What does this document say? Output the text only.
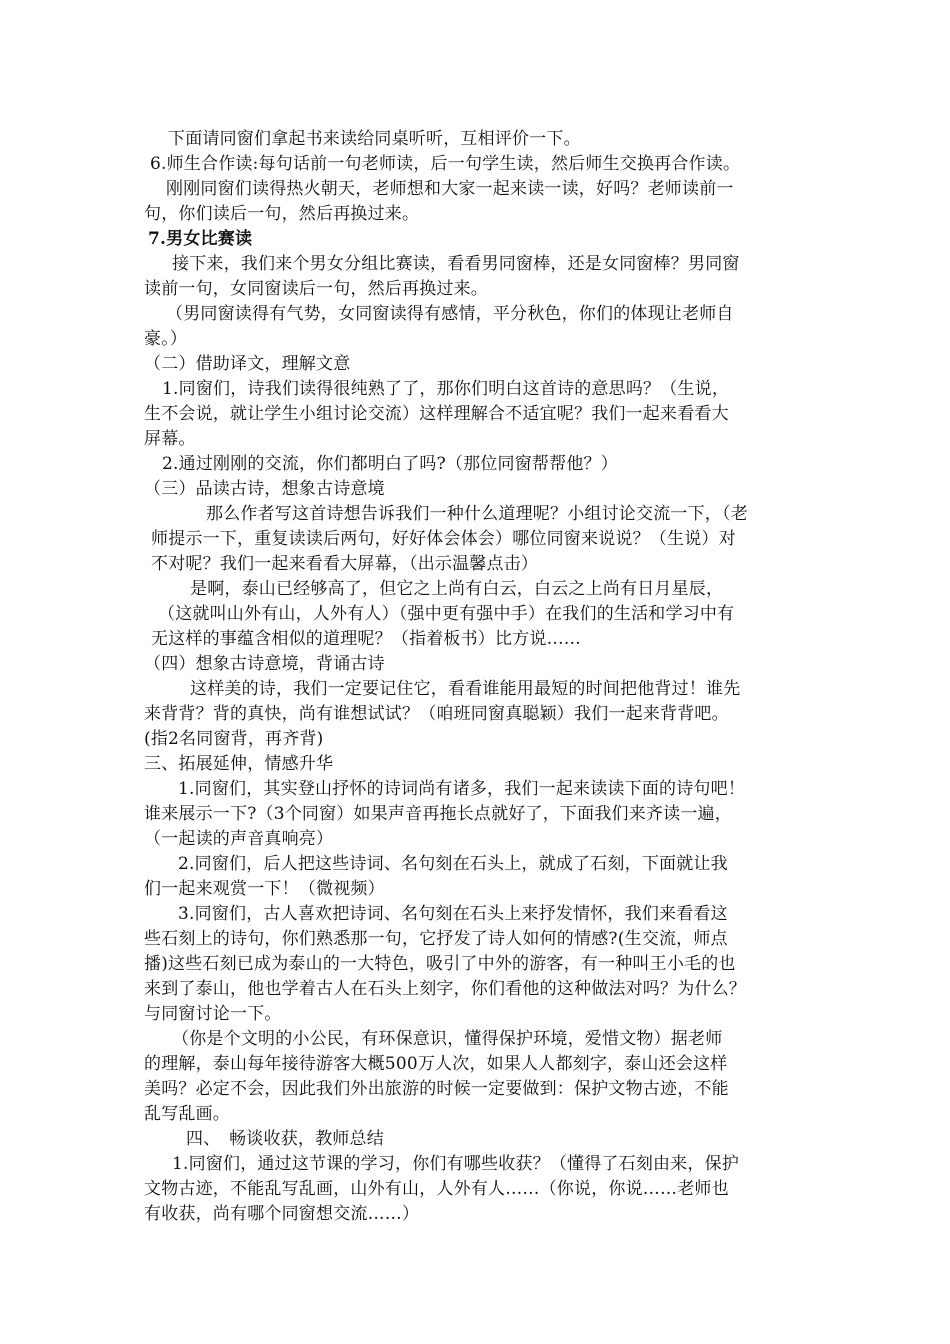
下面请同窗们拿起书来读给同桌听听，互相评价一下。
6.师生合作读:每句话前一句老师读，后一句学生读，然后师生交换再合作读。
刚刚同窗们读得热火朝天，老师想和大家一起来读一读，好吗？老师读前一
句，你们读后一句，然后再换过来。
7.男女比赛读
接下来，我们来个男女分组比赛读，看看男同窗棒，还是女同窗棒？男同窗
读前一句，女同窗读后一句，然后再换过来。
（男同窗读得有气势，女同窗读得有感情，平分秋色，你们的体现让老师自
豪。）
（二）借助译文，理解文意
1.同窗们，诗我们读得很纯熟了了，那你们明白这首诗的意思吗？（生说，
生不会说，就让学生小组讨论交流）这样理解合不适宜呢？我们一起来看看大
屏幕。
2.通过刚刚的交流，你们都明白了吗?（那位同窗帮帮他？）
（三）品读古诗，想象古诗意境
那么作者写这首诗想告诉我们一种什么道理呢？小组讨论交流一下，（老
师提示一下，重复读读后两句，好好体会体会）哪位同窗来说说？（生说）对
不对呢？我们一起来看看大屏幕，（出示温馨点击）
是啊，泰山已经够高了，但它之上尚有白云，白云之上尚有日月星辰，
（这就叫山外有山，人外有人）（强中更有强中手）在我们的生活和学习中有
无这样的事蕴含相似的道理呢？（指着板书）比方说……
（四）想象古诗意境，背诵古诗
这样美的诗，我们一定要记住它，看看谁能用最短的时间把他背过！谁先
来背背？背的真快，尚有谁想试试？（咱班同窗真聪颖）我们一起来背背吧。
(指2名同窗背，再齐背)
三、拓展延伸，情感升华
1.同窗们，其实登山抒怀的诗词尚有诸多，我们一起来读读下面的诗句吧！
谁来展示一下?（3个同窗）如果声音再拖长点就好了，下面我们来齐读一遍，
（一起读的声音真响亮）
2.同窗们，后人把这些诗词、名句刻在石头上，就成了石刻，下面就让我
们一起来观赏一下！（微视频）
3.同窗们，古人喜欢把诗词、名句刻在石头上来抒发情怀，我们来看看这
些石刻上的诗句，你们熟悉那一句，它抒发了诗人如何的情感?(生交流，师点
播)这些石刻已成为泰山的一大特色，吸引了中外的游客，有一种叫王小毛的也
来到了泰山，他也学着古人在石头上刻字，你们看他的这种做法对吗？为什么？
与同窗讨论一下。
（你是个文明的小公民，有环保意识，懂得保护环境，爱惜文物）据老师
的理解，泰山每年接待游客大概500万人次，如果人人都刻字，泰山还会这样
美吗？必定不会，因此我们外出旅游的时候一定要做到：保护文物古迹，不能
乱写乱画。
四、　畅谈收获，教师总结
1.同窗们，通过这节课的学习，你们有哪些收获？（懂得了石刻由来，保护
文物古迹，不能乱写乱画，山外有山，人外有人……（你说，你说……老师也
有收获，尚有哪个同窗想交流……）
